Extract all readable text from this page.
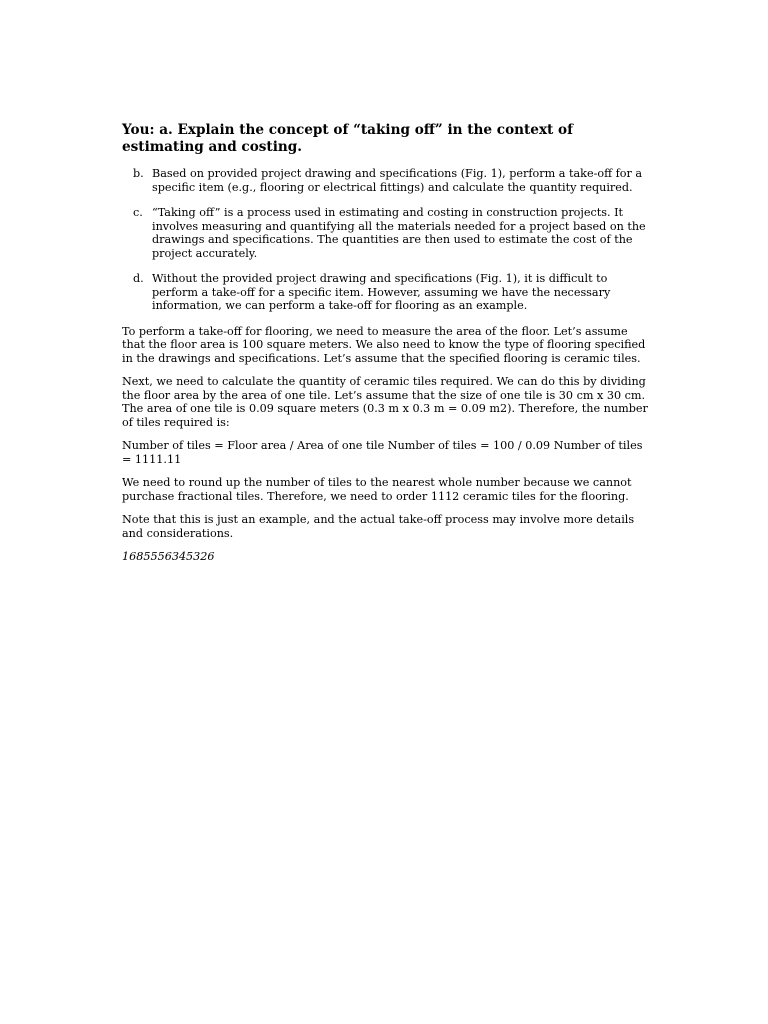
You: a. Explain the concept of “taking off” in the context of estimating and costing.
b. Based on provided project drawing and specifications (Fig. 1), perform a take-off for a specific item (e.g., flooring or electrical fittings) and calculate the quantity required.
c. “Taking off” is a process used in estimating and costing in construction projects. It involves measuring and quantifying all the materials needed for a project based on the drawings and specifications. The quantities are then used to estimate the cost of the project accurately.
d. Without the provided project drawing and specifications (Fig. 1), it is difficult to perform a take-off for a specific item. However, assuming we have the necessary information, we can perform a take-off for flooring as an example.

To perform a take-off for flooring, we need to measure the area of the floor. Let’s assume that the floor area is 100 square meters. We also need to know the type of flooring specified in the drawings and specifications. Let’s assume that the specified flooring is ceramic tiles.

Next, we need to calculate the quantity of ceramic tiles required. We can do this by dividing the floor area by the area of one tile. Let’s assume that the size of one tile is 30 cm x 30 cm. The area of one tile is 0.09 square meters (0.3 m x 0.3 m = 0.09 m2). Therefore, the number of tiles required is:

Number of tiles = Floor area / Area of one tile Number of tiles = 100 / 0.09 Number of tiles = 1111.11

We need to round up the number of tiles to the nearest whole number because we cannot purchase fractional tiles. Therefore, we need to order 1112 ceramic tiles for the flooring.

Note that this is just an example, and the actual take-off process may involve more details and considerations.

1685556345326
